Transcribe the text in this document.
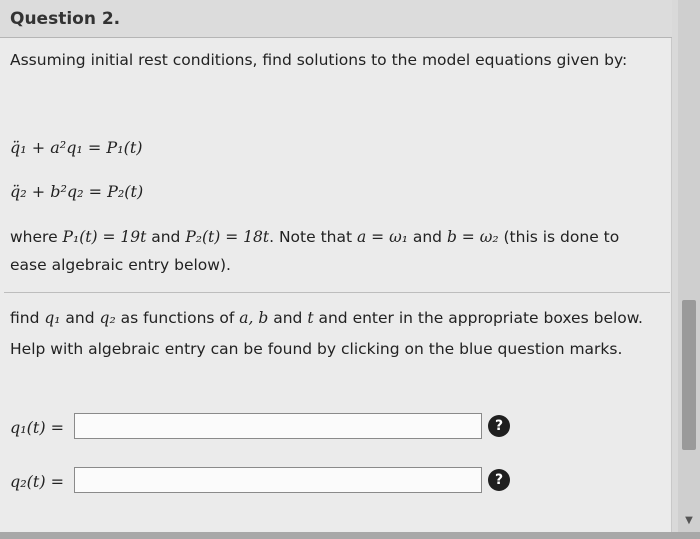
Question 2.
Assuming initial rest conditions, find solutions to the model equations given by:
q̈₁ + a²q₁ = P₁(t)
q̈₂ + b²q₂ = P₂(t)
where P₁(t) = 19t and P₂(t) = 18t. Note that a = ω₁ and b = ω₂ (this is done to ease algebraic entry below).
find q₁ and q₂ as functions of a, b and t and enter in the appropriate boxes below. Help with algebraic entry can be found by clicking on the blue question marks.
q₁(t) =	?
q₂(t) =	?
▼
